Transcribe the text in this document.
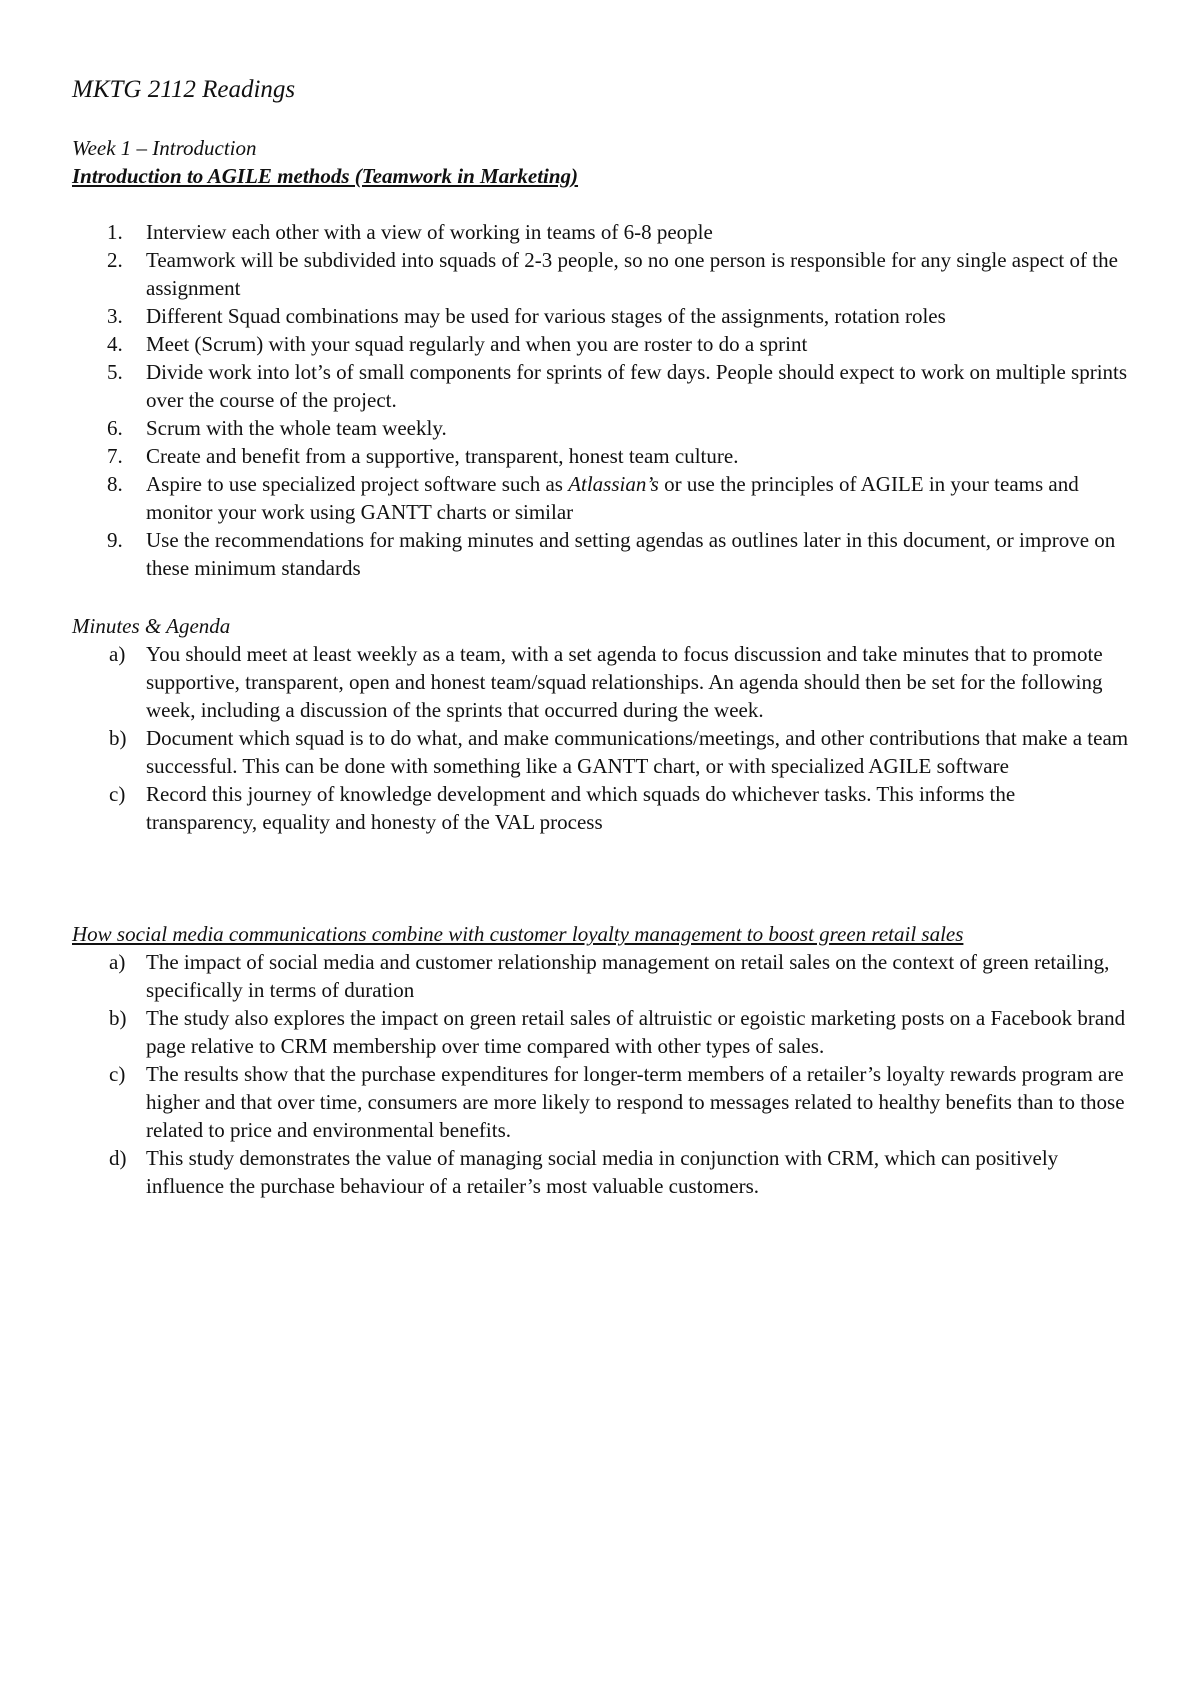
MKTG 2112 Readings
Week 1 – Introduction
Introduction to AGILE methods (Teamwork in Marketing)
1. Interview each other with a view of working in teams of 6-8 people
2. Teamwork will be subdivided into squads of 2-3 people, so no one person is responsible for any single aspect of the assignment
3. Different Squad combinations may be used for various stages of the assignments, rotation roles
4. Meet (Scrum) with your squad regularly and when you are roster to do a sprint
5. Divide work into lot’s of small components for sprints of few days. People should expect to work on multiple sprints over the course of the project.
6. Scrum with the whole team weekly.
7. Create and benefit from a supportive, transparent, honest team culture.
8. Aspire to use specialized project software such as Atlassian’s or use the principles of AGILE in your teams and monitor your work using GANTT charts or similar
9. Use the recommendations for making minutes and setting agendas as outlines later in this document, or improve on these minimum standards
Minutes & Agenda
a) You should meet at least weekly as a team, with a set agenda to focus discussion and take minutes that to promote supportive, transparent, open and honest team/squad relationships. An agenda should then be set for the following week, including a discussion of the sprints that occurred during the week.
b) Document which squad is to do what, and make communications/meetings, and other contributions that make a team successful. This can be done with something like a GANTT chart, or with specialized AGILE software
c) Record this journey of knowledge development and which squads do whichever tasks. This informs the transparency, equality and honesty of the VAL process
How social media communications combine with customer loyalty management to boost green retail sales
a) The impact of social media and customer relationship management on retail sales on the context of green retailing, specifically in terms of duration
b) The study also explores the impact on green retail sales of altruistic or egoistic marketing posts on a Facebook brand page relative to CRM membership over time compared with other types of sales.
c) The results show that the purchase expenditures for longer-term members of a retailer’s loyalty rewards program are higher and that over time, consumers are more likely to respond to messages related to healthy benefits than to those related to price and environmental benefits.
d) This study demonstrates the value of managing social media in conjunction with CRM, which can positively influence the purchase behaviour of a retailer’s most valuable customers.
